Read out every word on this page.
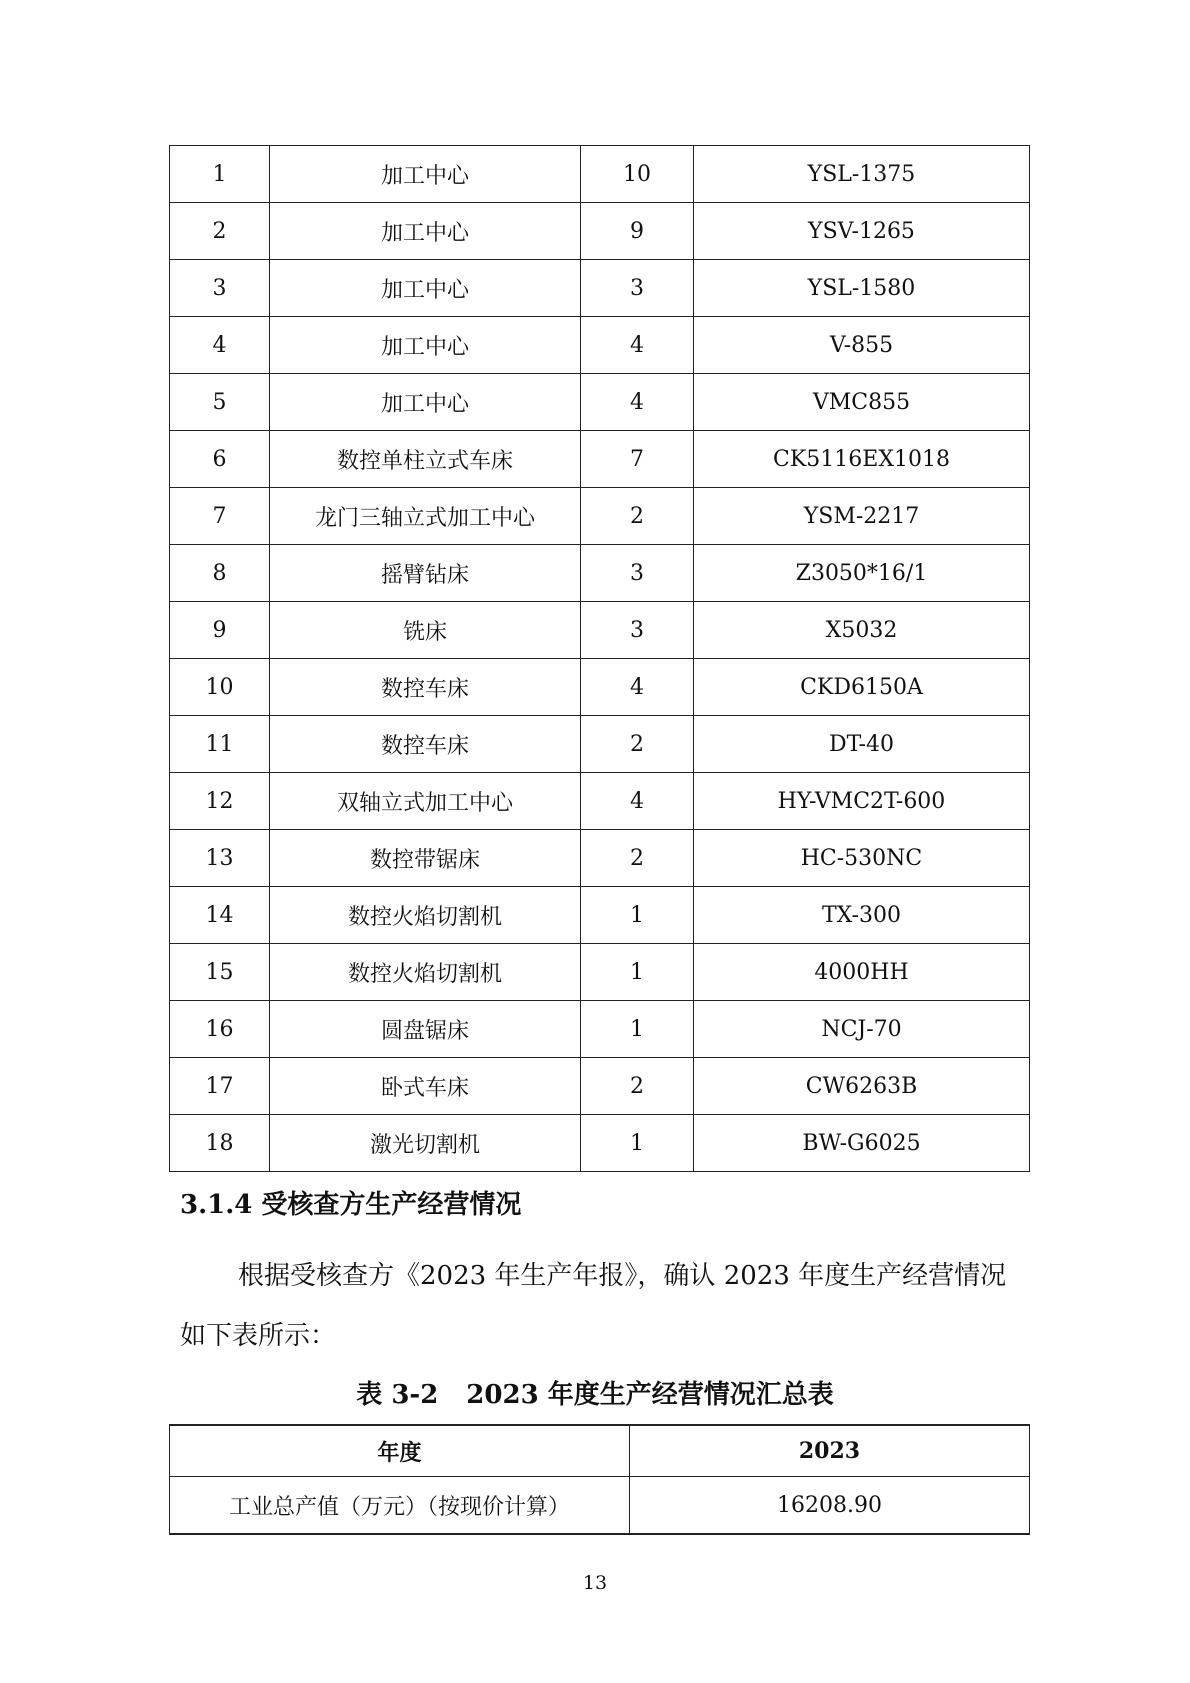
1	加工中心	10	YSL-1375
2	加工中心	9	YSV-1265
3	加工中心	3	YSL-1580
4	加工中心	4	V-855
5	加工中心	4	VMC855
6	数控单柱立式车床	7	CK5116EX1018
7	龙门三轴立式加工中心	2	YSM-2217
8	摇臂钻床	3	Z3050*16/1
9	铣床	3	X5032
10	数控车床	4	CKD6150A
11	数控车床	2	DT-40
12	双轴立式加工中心	4	HY-VMC2T-600
13	数控带锯床	2	HC-530NC
14	数控火焰切割机	1	TX-300
15	数控火焰切割机	1	4000HH
16	圆盘锯床	1	NCJ-70
17	卧式车床	2	CW6263B
18	激光切割机	1	BW-G6025
3.1.4 受核查方生产经营情况
根据受核查方《2023 年生产年报》，确认 2023 年度生产经营情况如下表所示：
表 3-2 2023 年度生产经营情况汇总表
年度	2023
工业总产值（万元）（按现价计算）	16208.90
13
